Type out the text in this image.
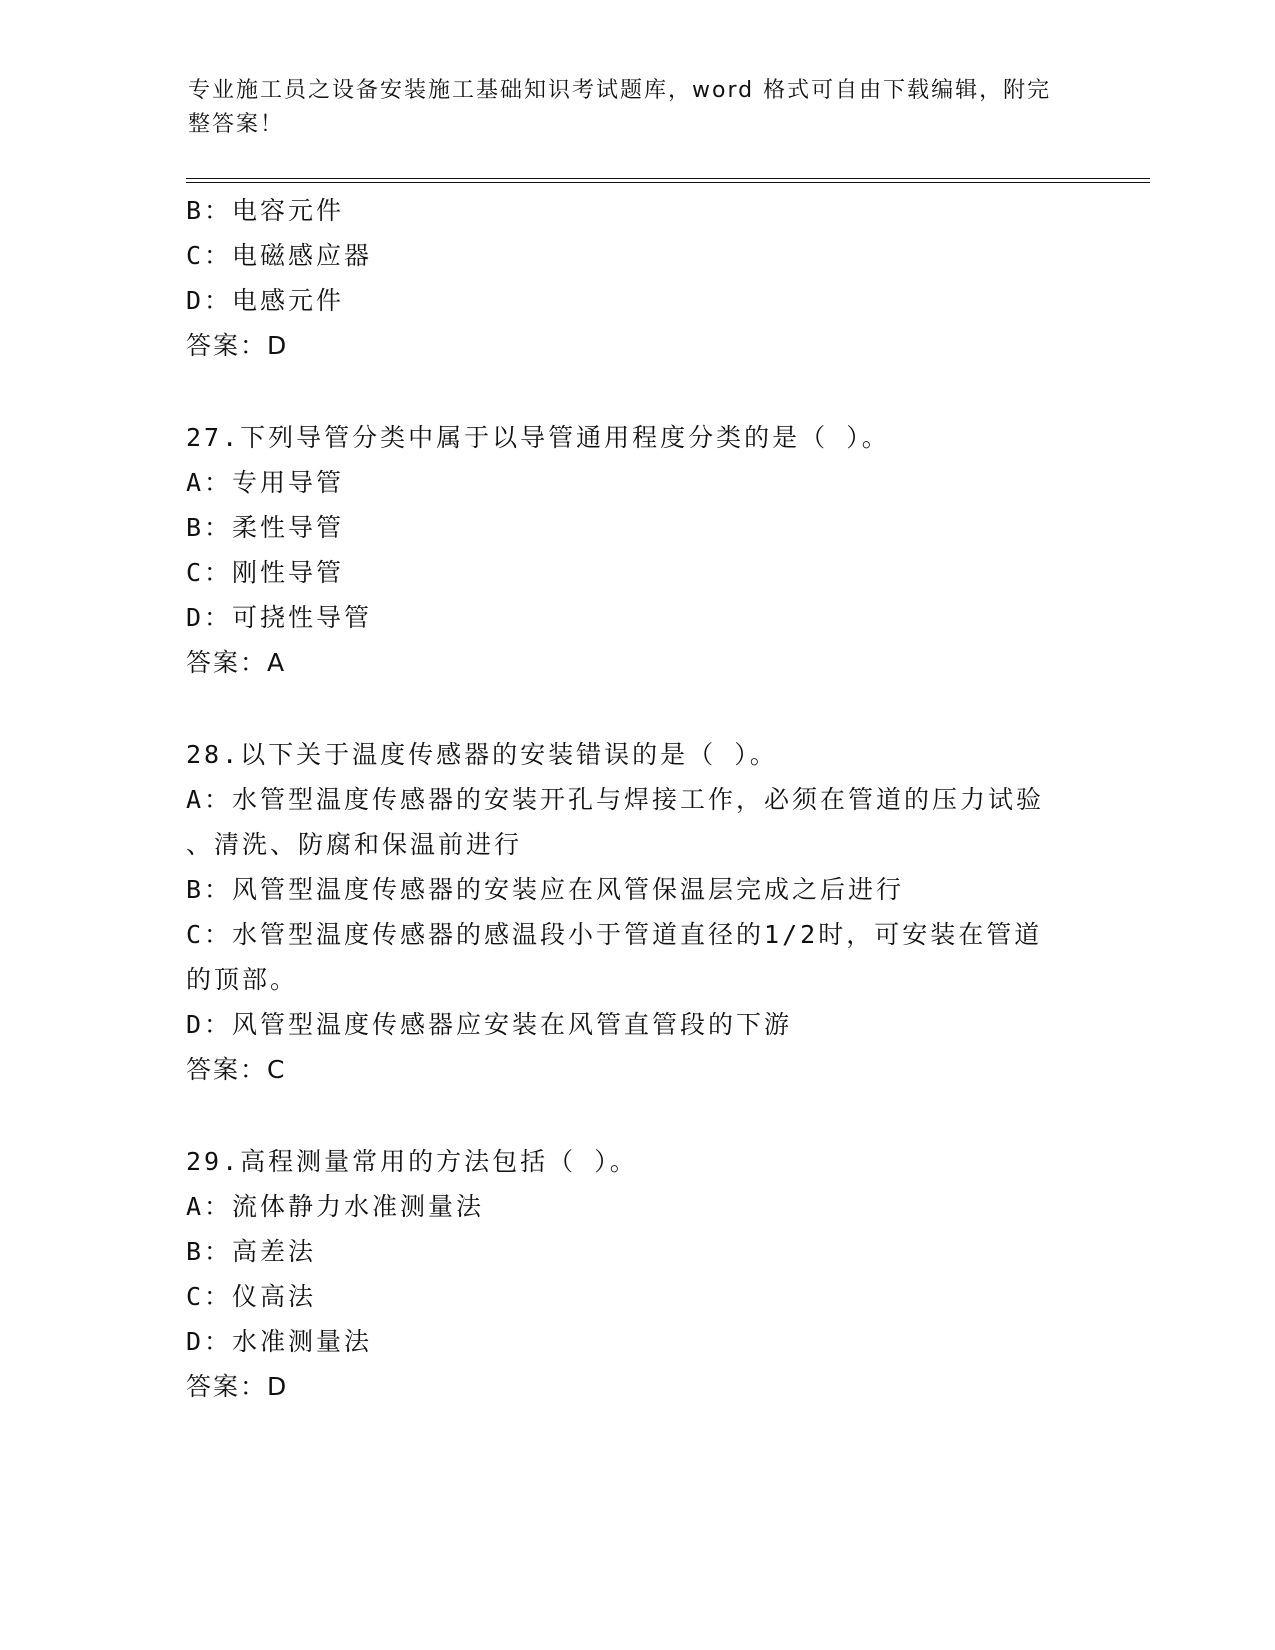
专业施工员之设备安装施工基础知识考试题库，word 格式可自由下载编辑，附完整答案！
B：电容元件
C：电磁感应器
D：电感元件
答案：D
27.下列导管分类中属于以导管通用程度分类的是（ ）。
A：专用导管
B：柔性导管
C：刚性导管
D：可挠性导管
答案：A
28.以下关于温度传感器的安装错误的是（ ）。
A：水管型温度传感器的安装开孔与焊接工作，必须在管道的压力试验
、清洗、防腐和保温前进行
B：风管型温度传感器的安装应在风管保温层完成之后进行
C：水管型温度传感器的感温段小于管道直径的1/2时，可安装在管道
的顶部。
D：风管型温度传感器应安装在风管直管段的下游
答案：C
29.高程测量常用的方法包括（ ）。
A：流体静力水准测量法
B：高差法
C：仪高法
D：水准测量法
答案：D
